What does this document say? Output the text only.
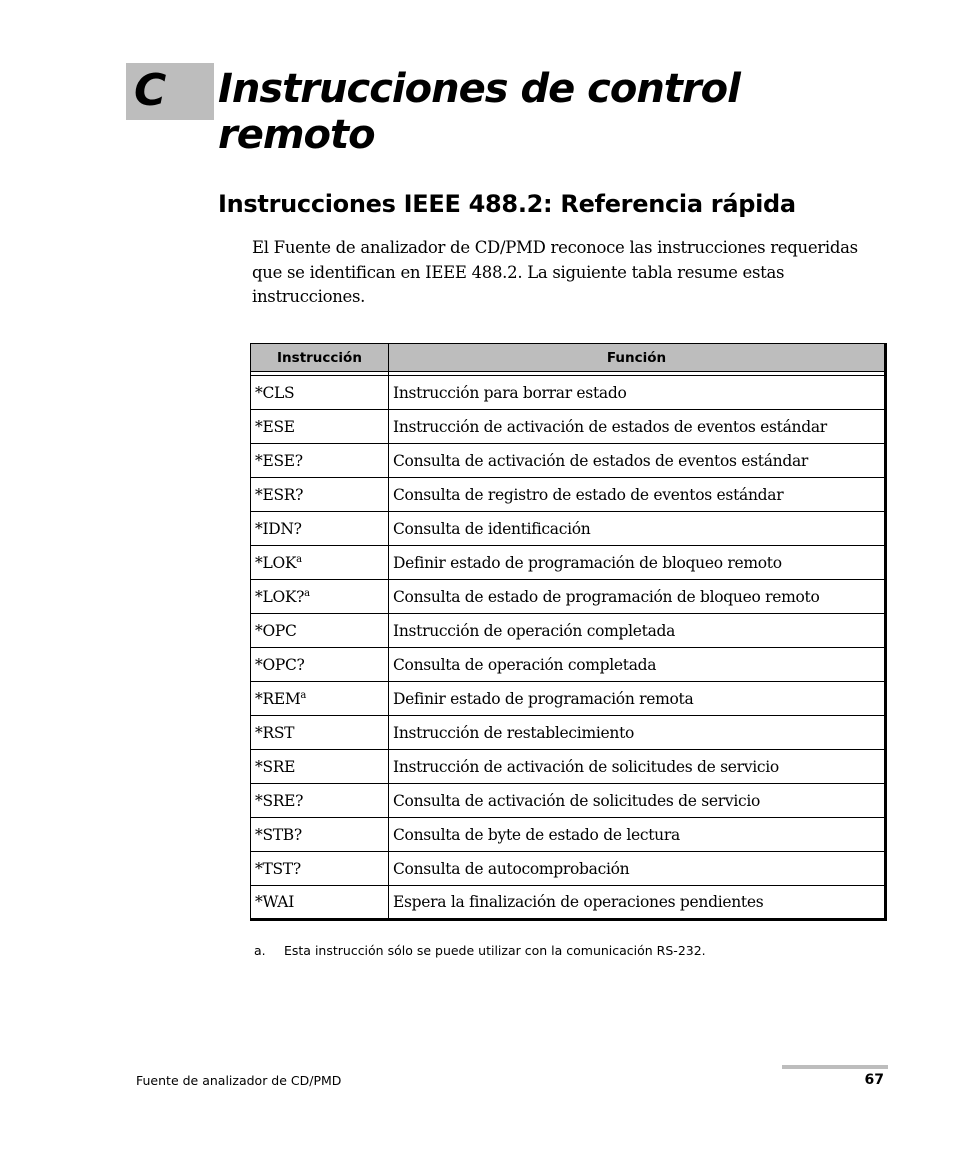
C Instrucciones de control remoto
Instrucciones IEEE 488.2: Referencia rápida

El Fuente de analizador de CD/PMD reconoce las instrucciones requeridas que se identifican en IEEE 488.2. La siguiente tabla resume estas instrucciones.

Instrucción	Función

*CLS	Instrucción para borrar estado
*ESE	Instrucción de activación de estados de eventos estándar
*ESE?	Consulta de activación de estados de eventos estándar
*ESR?	Consulta de registro de estado de eventos estándar
*IDN?	Consulta de identificación
*LOK$^a$	Definir estado de programación de bloqueo remoto
*LOK?$^a$	Consulta de estado de programación de bloqueo remoto
*OPC	Instrucción de operación completada
*OPC?	Consulta de operación completada
*REM$^a$	Definir estado de programación remota
*RST	Instrucción de restablecimiento
*SRE	Instrucción de activación de solicitudes de servicio
*SRE?	Consulta de activación de solicitudes de servicio
*STB?	Consulta de byte de estado de lectura
*TST?	Consulta de autocomprobación
*WAI	Espera la finalización de operaciones pendientes
a. Esta instrucción sólo se puede utilizar con la comunicación RS-232.
Fuente de analizador de CD/PMD	67
